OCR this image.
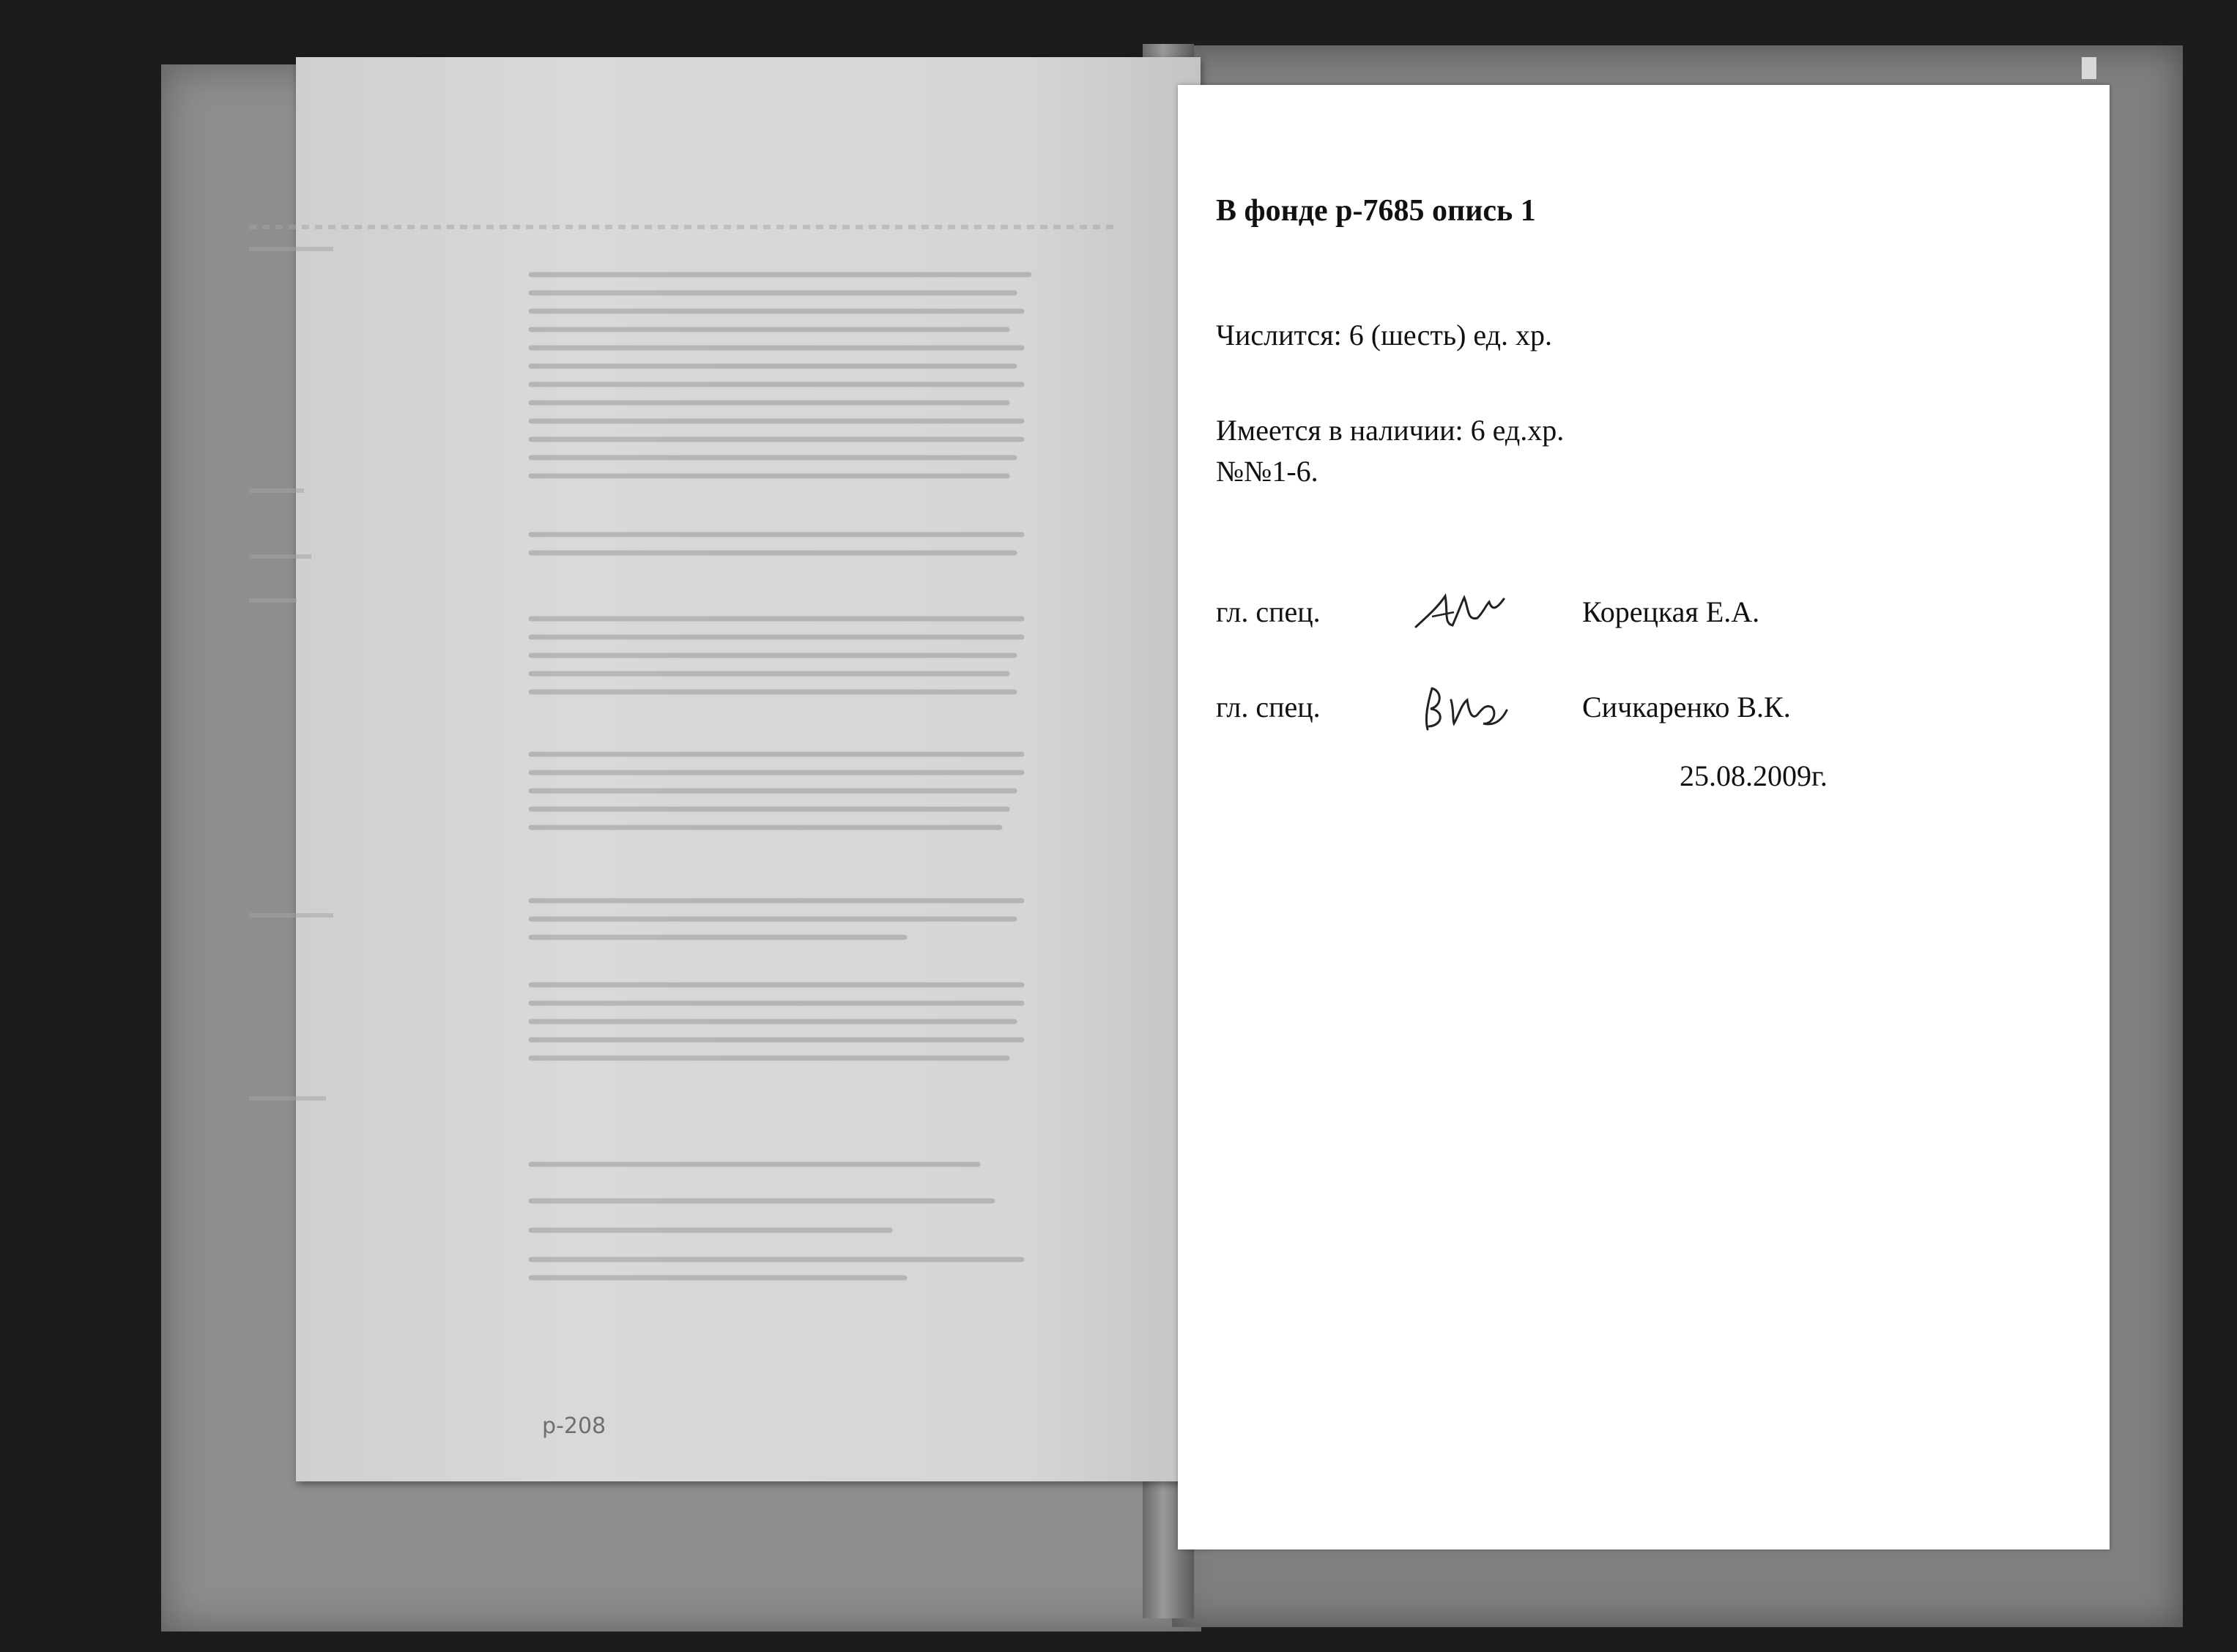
р-208
В фонде р-7685 опись 1
Числится: 6 (шесть) ед. хр.
Имеется в наличии: 6 ед.хр.
№№1-6.
гл. спец.	Корецкая Е.А.
гл. спец.	Сичкаренко В.К.
25.08.2009г.
